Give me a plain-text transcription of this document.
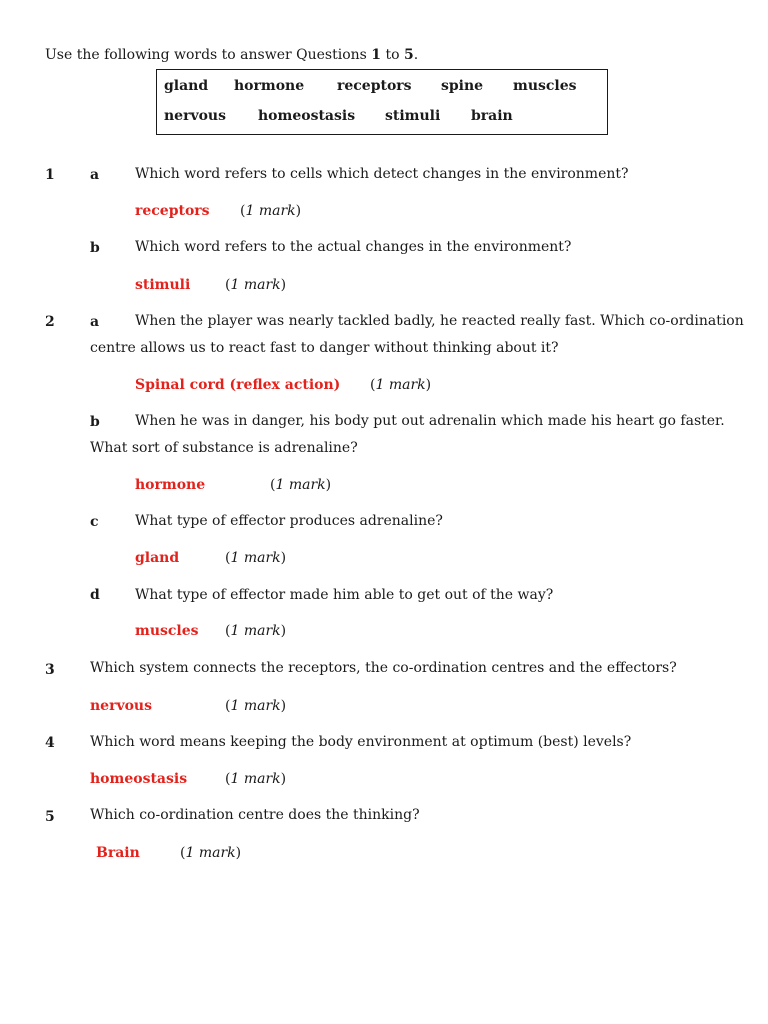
Use the following words to answer Questions 1 to 5.
gland hormone receptors spine muscles
nervous homeostasis stimuli brain
1	a	Which word refers to cells which detect changes in the environment?
receptors (1 mark)
b	Which word refers to the actual changes in the environment?
stimuli (1 mark)
2	a	When the player was nearly tackled badly, he reacted really fast. Which co-ordination
centre allows us to react fast to danger without thinking about it?
Spinal cord (reflex action) (1 mark)
b	When he was in danger, his body put out adrenalin which made his heart go faster.
What sort of substance is adrenaline?
hormone	(1 mark)
c	What type of effector produces adrenaline?
gland	(1 mark)
d	What type of effector made him able to get out of the way?
muscles (1 mark)
3	Which system connects the receptors, the co-ordination centres and the effectors?
nervous	(1 mark)
4	Which word means keeping the body environment at optimum (best) levels?
homeostasis	(1 mark)
5	Which co-ordination centre does the thinking?
Brain	(1 mark)
